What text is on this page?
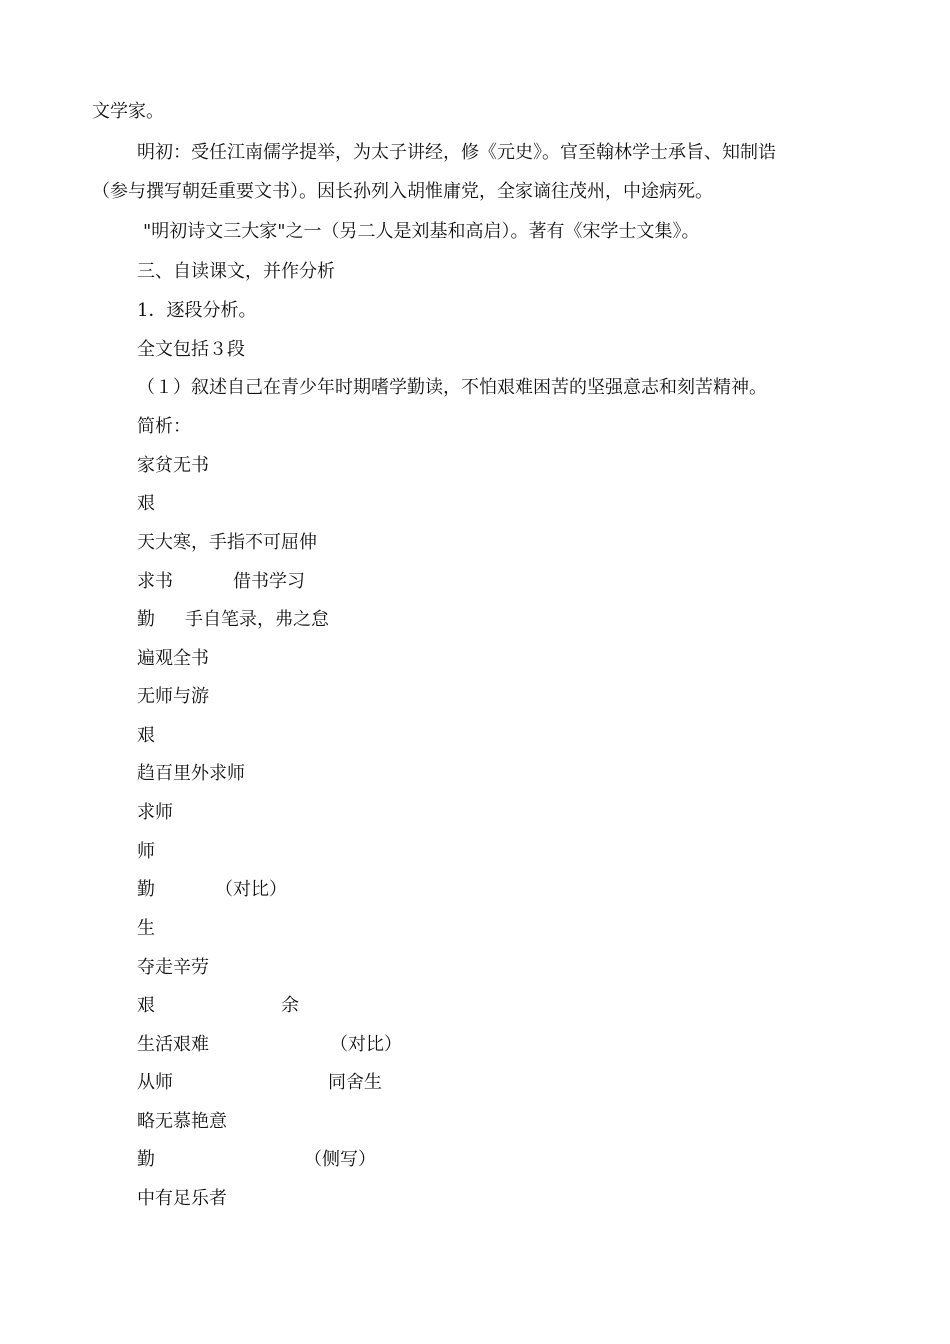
文学家。
明初：受任江南儒学提举，为太子讲经，修《元史》。官至翰林学士承旨、知制诰
（参与撰写朝廷重要文书）。因长孙列入胡惟庸党，全家谪往茂州，中途病死。
"明初诗文三大家"之一（另二人是刘基和高启）。著有《宋学士文集》。
三、自读课文，并作分析
1．逐段分析。
全文包括３段
（１）叙述自己在青少年时期嗜学勤读，不怕艰难困苦的坚强意志和刻苦精神。
简析：
家贫无书
艰
天大寒，手指不可屈伸
求书	借书学习
勤 手自笔录，弗之怠
遍观全书
无师与游
艰
趋百里外求师
求师
师
勤	（对比）
生
夺走辛劳
艰	余
生活艰难	（对比）
从师	同舍生
略无慕艳意
勤	（侧写）
中有足乐者
